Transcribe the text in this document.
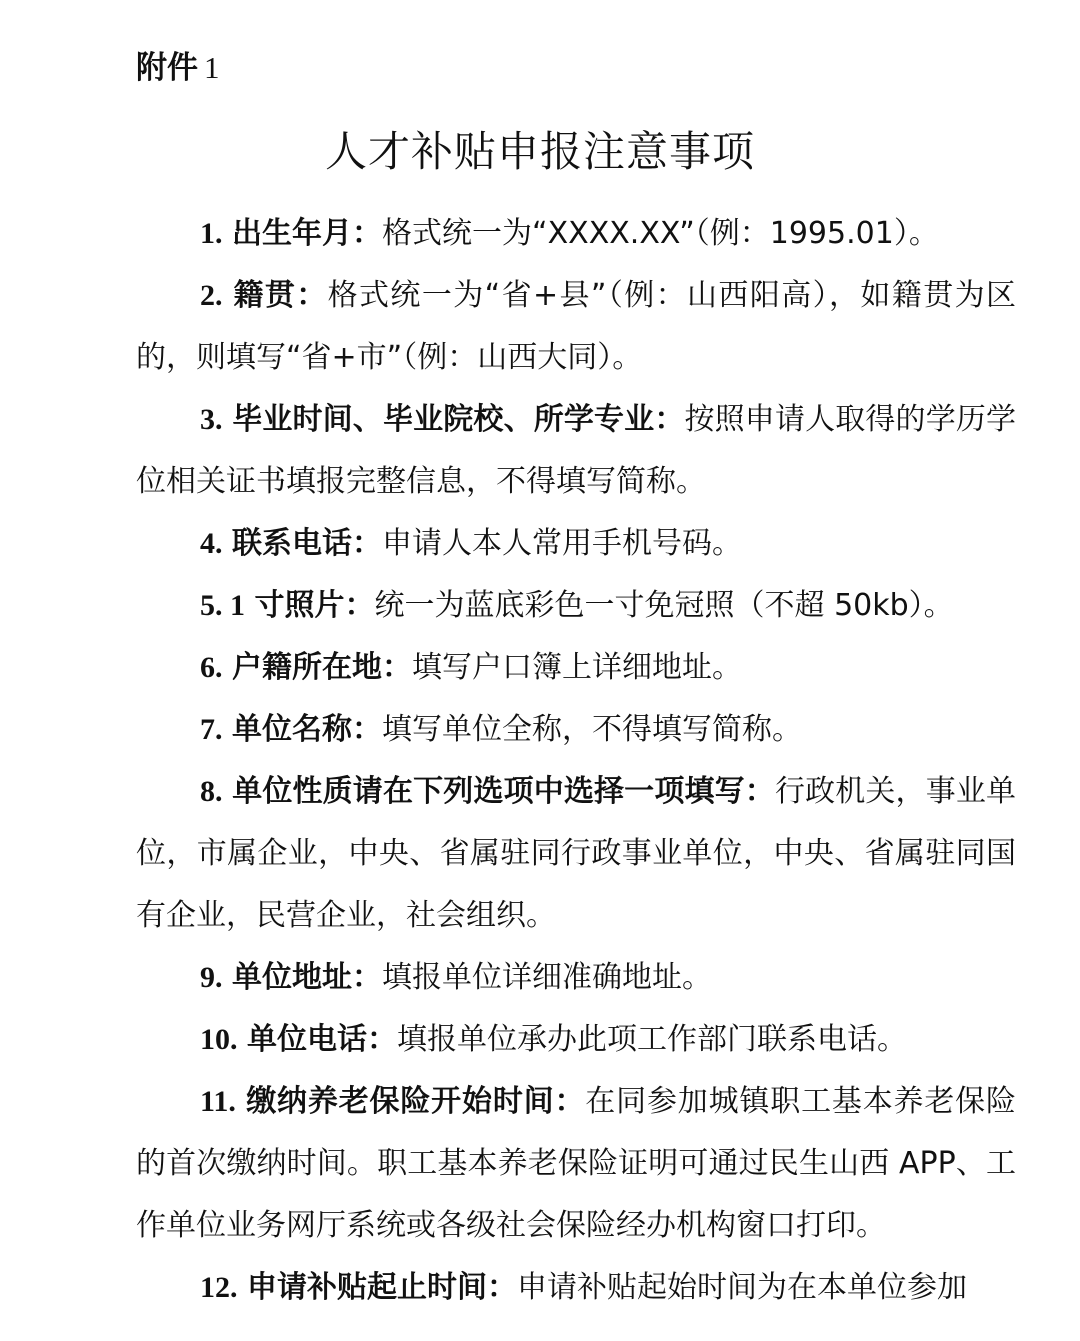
附件 1
人才补贴申报注意事项

1. 出生年月：格式统一为“XXXX.XX”（例：1995.01）。

2. 籍贯：格式统一为“省+县”（例：山西阳高），如籍贯为区的，则填写“省+市”（例：山西大同）。

3. 毕业时间、毕业院校、所学专业：按照申请人取得的学历学位相关证书填报完整信息，不得填写简称。

4. 联系电话：申请人本人常用手机号码。

5. 1 寸照片：统一为蓝底彩色一寸免冠照（不超 50kb）。

6. 户籍所在地：填写户口簿上详细地址。

7. 单位名称：填写单位全称，不得填写简称。

8. 单位性质请在下列选项中选择一项填写：行政机关，事业单位，市属企业，中央、省属驻同行政事业单位，中央、省属驻同国有企业，民营企业，社会组织。

9. 单位地址：填报单位详细准确地址。

10. 单位电话：填报单位承办此项工作部门联系电话。

11. 缴纳养老保险开始时间：在同参加城镇职工基本养老保险的首次缴纳时间。职工基本养老保险证明可通过民生山西 APP、工作单位业务网厅系统或各级社会保险经办机构窗口打印。

12. 申请补贴起止时间：申请补贴起始时间为在本单位参加
